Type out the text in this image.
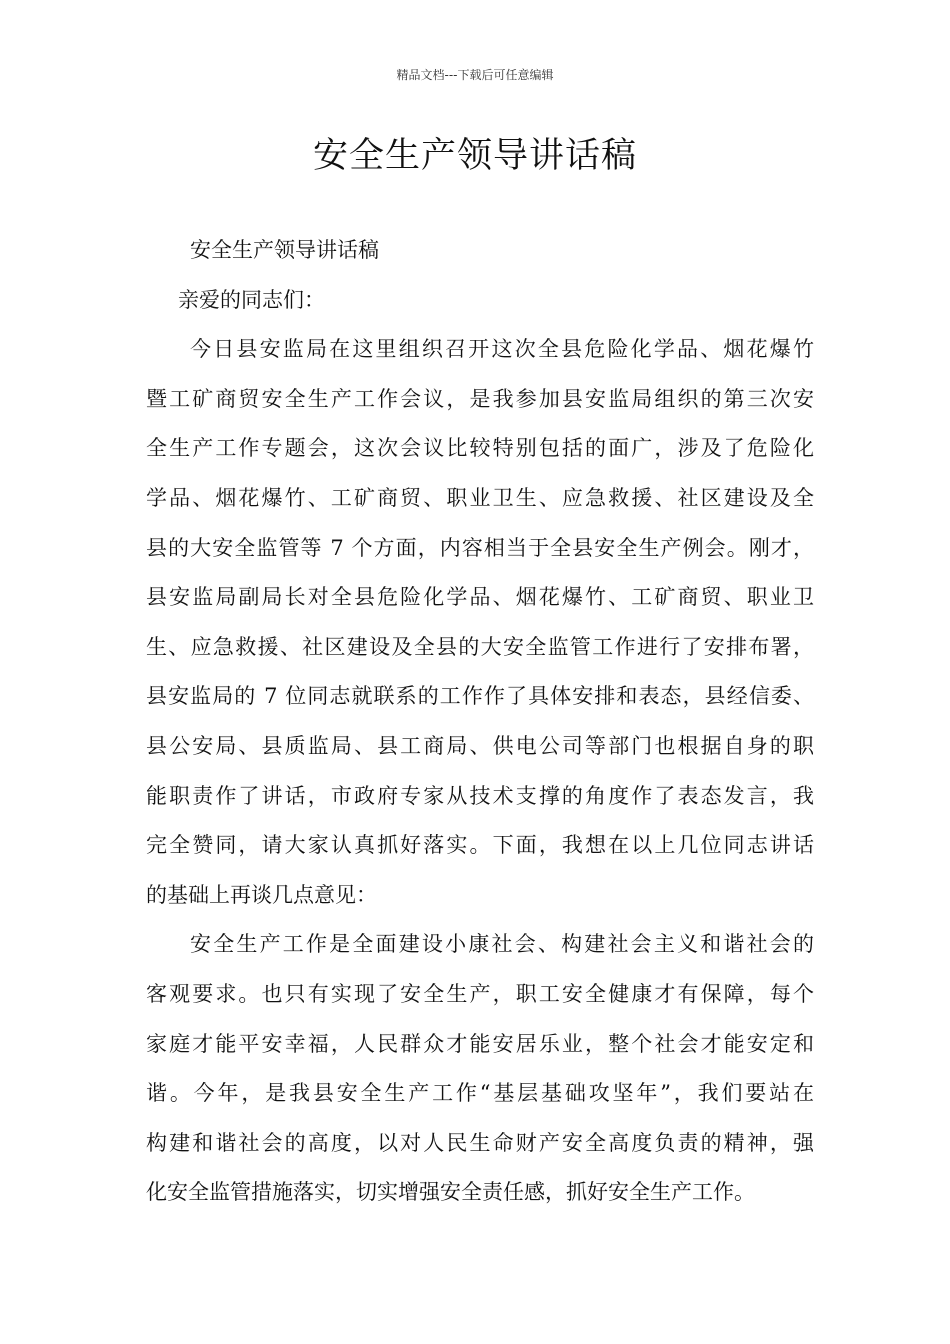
精品文档---下载后可任意编辑
安全生产领导讲话稿
安全生产领导讲话稿
亲爱的同志们：
今日县安监局在这里组织召开这次全县危险化学品、烟花爆竹
暨工矿商贸安全生产工作会议，是我参加县安监局组织的第三次安
全生产工作专题会，这次会议比较特别包括的面广，涉及了危险化
学品、烟花爆竹、工矿商贸、职业卫生、应急救援、社区建设及全
县的大安全监管等 7 个方面，内容相当于全县安全生产例会。刚才，
县安监局副局长对全县危险化学品、烟花爆竹、工矿商贸、职业卫
生、应急救援、社区建设及全县的大安全监管工作进行了安排布署，
县安监局的 7 位同志就联系的工作作了具体安排和表态，县经信委、
县公安局、县质监局、县工商局、供电公司等部门也根据自身的职
能职责作了讲话，市政府专家从技术支撑的角度作了表态发言，我
完全赞同，请大家认真抓好落实。下面，我想在以上几位同志讲话
的基础上再谈几点意见：
安全生产工作是全面建设小康社会、构建社会主义和谐社会的
客观要求。也只有实现了安全生产，职工安全健康才有保障，每个
家庭才能平安幸福，人民群众才能安居乐业，整个社会才能安定和
谐。今年，是我县安全生产工作“基层基础攻坚年”，我们要站在
构建和谐社会的高度，以对人民生命财产安全高度负责的精神，强
化安全监管措施落实，切实增强安全责任感，抓好安全生产工作。
